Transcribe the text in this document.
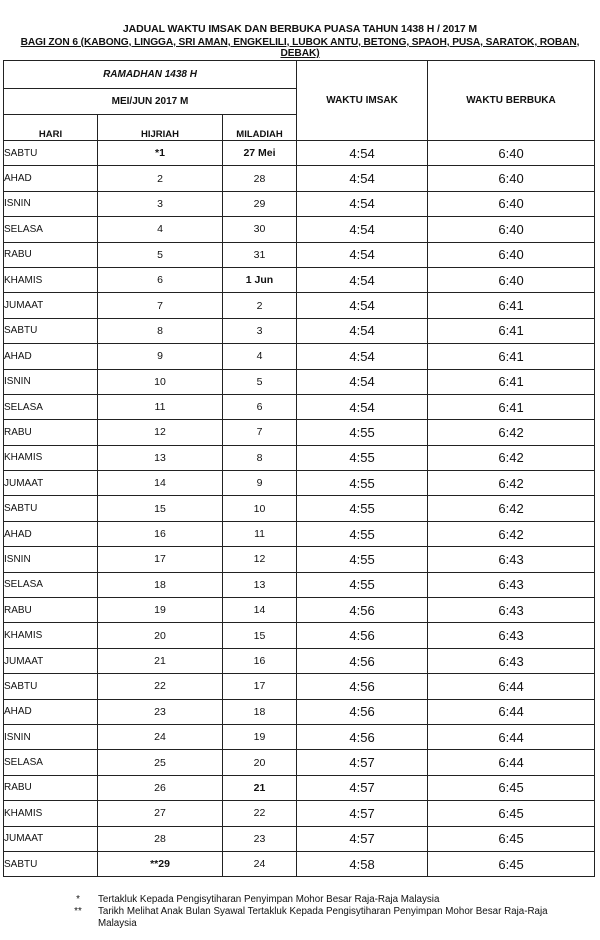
JADUAL WAKTU IMSAK DAN BERBUKA PUASA TAHUN 1438 H / 2017 M
BAGI ZON 6 (KABONG, LINGGA, SRI AMAN, ENGKELILI, LUBOK ANTU, BETONG, SPAOH, PUSA, SARATOK, ROBAN, DEBAK)
RAMADHAN 1438 H			WAKTU IMSAK	WAKTU BERBUKA
MEI/JUN 2017 M				
HARI	HIJRIAH	MILADIAH		
SABTU	*1	27 Mei	4:54	6:40
AHAD	2	28	4:54	6:40
ISNIN	3	29	4:54	6:40
SELASA	4	30	4:54	6:40
RABU	5	31	4:54	6:40
KHAMIS	6	1 Jun	4:54	6:40
JUMAAT	7	2	4:54	6:41
SABTU	8	3	4:54	6:41
AHAD	9	4	4:54	6:41
ISNIN	10	5	4:54	6:41
SELASA	11	6	4:54	6:41
RABU	12	7	4:55	6:42
KHAMIS	13	8	4:55	6:42
JUMAAT	14	9	4:55	6:42
SABTU	15	10	4:55	6:42
AHAD	16	11	4:55	6:42
ISNIN	17	12	4:55	6:43
SELASA	18	13	4:55	6:43
RABU	19	14	4:56	6:43
KHAMIS	20	15	4:56	6:43
JUMAAT	21	16	4:56	6:43
SABTU	22	17	4:56	6:44
AHAD	23	18	4:56	6:44
ISNIN	24	19	4:56	6:44
SELASA	25	20	4:57	6:44
RABU	26	21	4:57	6:45
KHAMIS	27	22	4:57	6:45
JUMAAT	28	23	4:57	6:45
SABTU	**29	24	4:58	6:45
*	Tertakluk Kepada Pengisytiharan Penyimpan Mohor Besar Raja-Raja Malaysia
**	Tarikh Melihat Anak Bulan Syawal Tertakluk Kepada Pengisytiharan Penyimpan Mohor Besar Raja-Raja Malaysia
